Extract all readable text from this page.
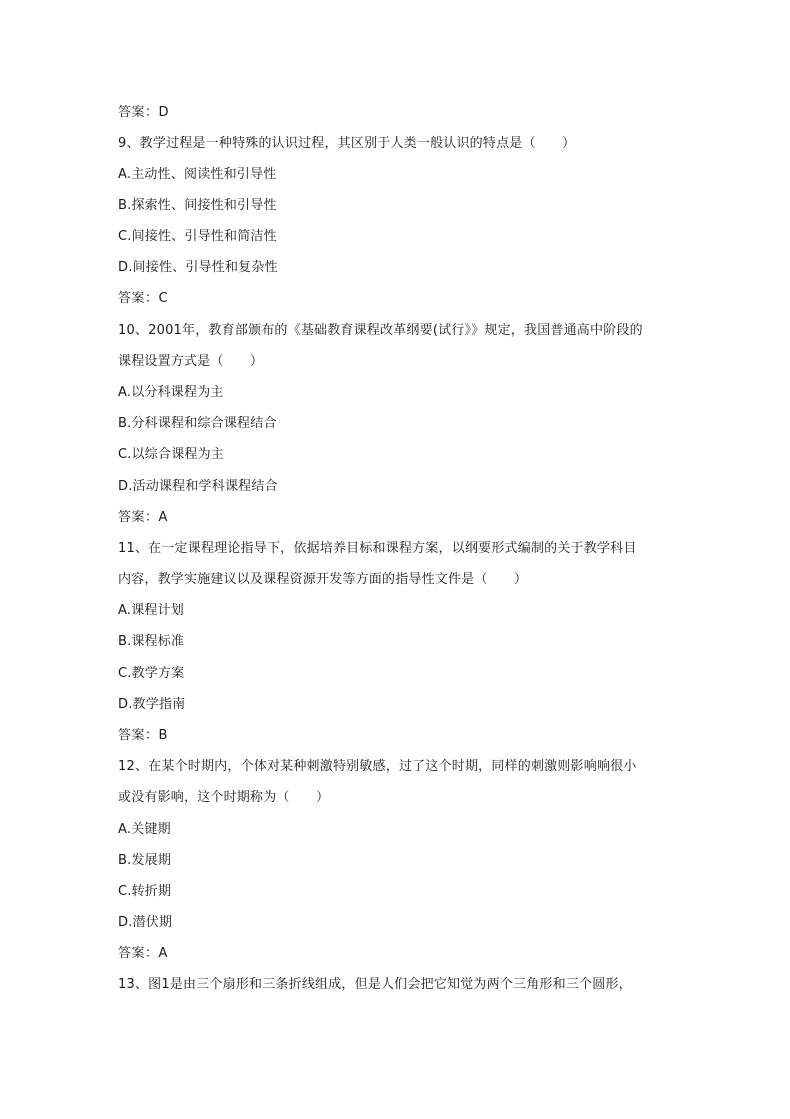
答案：D
9、教学过程是一种特殊的认识过程，其区别于人类一般认识的特点是（　　）
A.主动性、阅读性和引导性
B.探索性、间接性和引导性
C.间接性、引导性和简洁性
D.间接性、引导性和复杂性
答案：C
10、2001年，教育部颁布的《基础教育课程改革纲要(试行》》规定，我国普通高中阶段的
课程设置方式是（　　）
A.以分科课程为主
B.分科课程和综合课程结合
C.以综合课程为主
D.活动课程和学科课程结合
答案：A
11、在一定课程理论指导下，依据培养目标和课程方案，以纲要形式编制的关于教学科目
内容，教学实施建议以及课程资源开发等方面的指导性文件是（　　）
A.课程计划
B.课程标准
C.教学方案
D.教学指南
答案：B
12、在某个时期内，个体对某种刺激特别敏感，过了这个时期，同样的刺激则影响响很小
或没有影响，这个时期称为（　　）
A.关键期
B.发展期
C.转折期
D.潜伏期
答案：A
13、图1是由三个扇形和三条折线组成，但是人们会把它知觉为两个三角形和三个圆形，
